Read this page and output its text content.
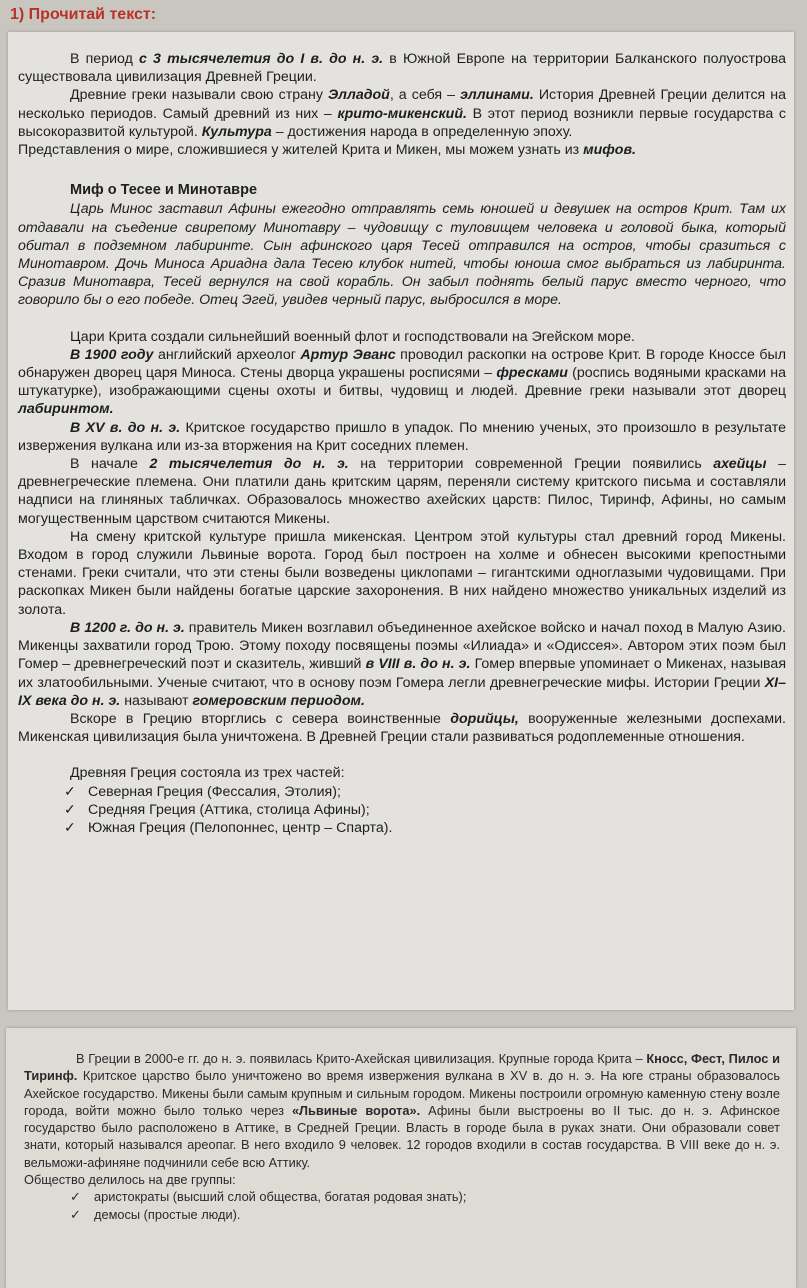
1) Прочитай текст:

В период с 3 тысячелетия до I в. до н. э. в Южной Европе на территории Балканского полуострова существовала цивилизация Древней Греции.

Древние греки называли свою страну Элладой, а себя – эллинами. История Древней Греции делится на несколько периодов. Самый древний из них – крито-микенский. В этот период возникли первые государства с высокоразвитой культурой. Культура – достижения народа в определенную эпоху.

Представления о мире, сложившиеся у жителей Крита и Микен, мы можем узнать из мифов.

Миф о Тесее и Минотавре

Царь Минос заставил Афины ежегодно отправлять семь юношей и девушек на остров Крит. Там их отдавали на съедение свирепому Минотавру – чудовищу с туловищем человека и головой быка, который обитал в подземном лабиринте. Сын афинского царя Тесей отправился на остров, чтобы сразиться с Минотавром. Дочь Миноса Ариадна дала Тесею клубок нитей, чтобы юноша смог выбраться из лабиринта. Сразив Минотавра, Тесей вернулся на свой корабль. Он забыл поднять белый парус вместо черного, что говорило бы о его победе. Отец Эгей, увидев черный парус, выбросился в море.

Цари Крита создали сильнейший военный флот и господствовали на Эгейском море.

В 1900 году английский археолог Артур Эванс проводил раскопки на острове Крит. В городе Кноссе был обнаружен дворец царя Миноса. Стены дворца украшены росписями – фресками (роспись водяными красками на штукатурке), изображающими сцены охоты и битвы, чудовищ и людей. Древние греки называли этот дворец лабиринтом.

В XV в. до н. э. Критское государство пришло в упадок. По мнению ученых, это произошло в результате извержения вулкана или из-за вторжения на Крит соседних племен.

В начале 2 тысячелетия до н. э. на территории современной Греции появились ахейцы – древнегреческие племена. Они платили дань критским царям, переняли систему критского письма и составляли надписи на глиняных табличках. Образовалось множество ахейских царств: Пилос, Тиринф, Афины, но самым могущественным царством считаются Микены.

На смену критской культуре пришла микенская. Центром этой культуры стал древний город Микены. Входом в город служили Львиные ворота. Город был построен на холме и обнесен высокими крепостными стенами. Греки считали, что эти стены были возведены циклопами – гигантскими одноглазыми чудовищами. При раскопках Микен были найдены богатые царские захоронения. В них найдено множество уникальных изделий из золота.

В 1200 г. до н. э. правитель Микен возглавил объединенное ахейское войско и начал поход в Малую Азию. Микенцы захватили город Трою. Этому походу посвящены поэмы «Илиада» и «Одиссея». Автором этих поэм был Гомер – древнегреческий поэт и сказитель, живший в VIII в. до н. э. Гомер впервые упоминает о Микенах, называя их златообильными. Ученые считают, что в основу поэм Гомера легли древнегреческие мифы. Истории Греции XI–IX века до н. э. называют гомеровским периодом.

Вскоре в Грецию вторглись с севера воинственные дорийцы, вооруженные железными доспехами. Микенская цивилизация была уничтожена. В Древней Греции стали развиваться родоплеменные отношения.

Древняя Греция состояла из трех частей:

✓ Северная Греция (Фессалия, Этолия);
✓ Средняя Греция (Аттика, столица Афины);
✓ Южная Греция (Пелопоннес, центр – Спарта).

В Греции в 2000-е гг. до н. э. появилась Крито-Ахейская цивилизация. Крупные города Крита – Кносс, Фест, Пилос и Тиринф. Критское царство было уничтожено во время извержения вулкана в XV в. до н. э. На юге страны образовалось Ахейское государство. Микены были самым крупным и сильным городом. Микены построили огромную каменную стену возле города, войти можно было только через «Львиные ворота». Афины были выстроены во II тыс. до н. э. Афинское государство было расположено в Аттике, в Средней Греции. Власть в городе была в руках знати. Они образовали совет знати, который назывался ареопаг. В него входило 9 человек. 12 городов входили в состав государства. В VIII веке до н. э. вельможи-афиняне подчинили себе всю Аттику.

Общество делилось на две группы:

✓ аристократы (высший слой общества, богатая родовая знать);
✓ демосы (простые люди).
